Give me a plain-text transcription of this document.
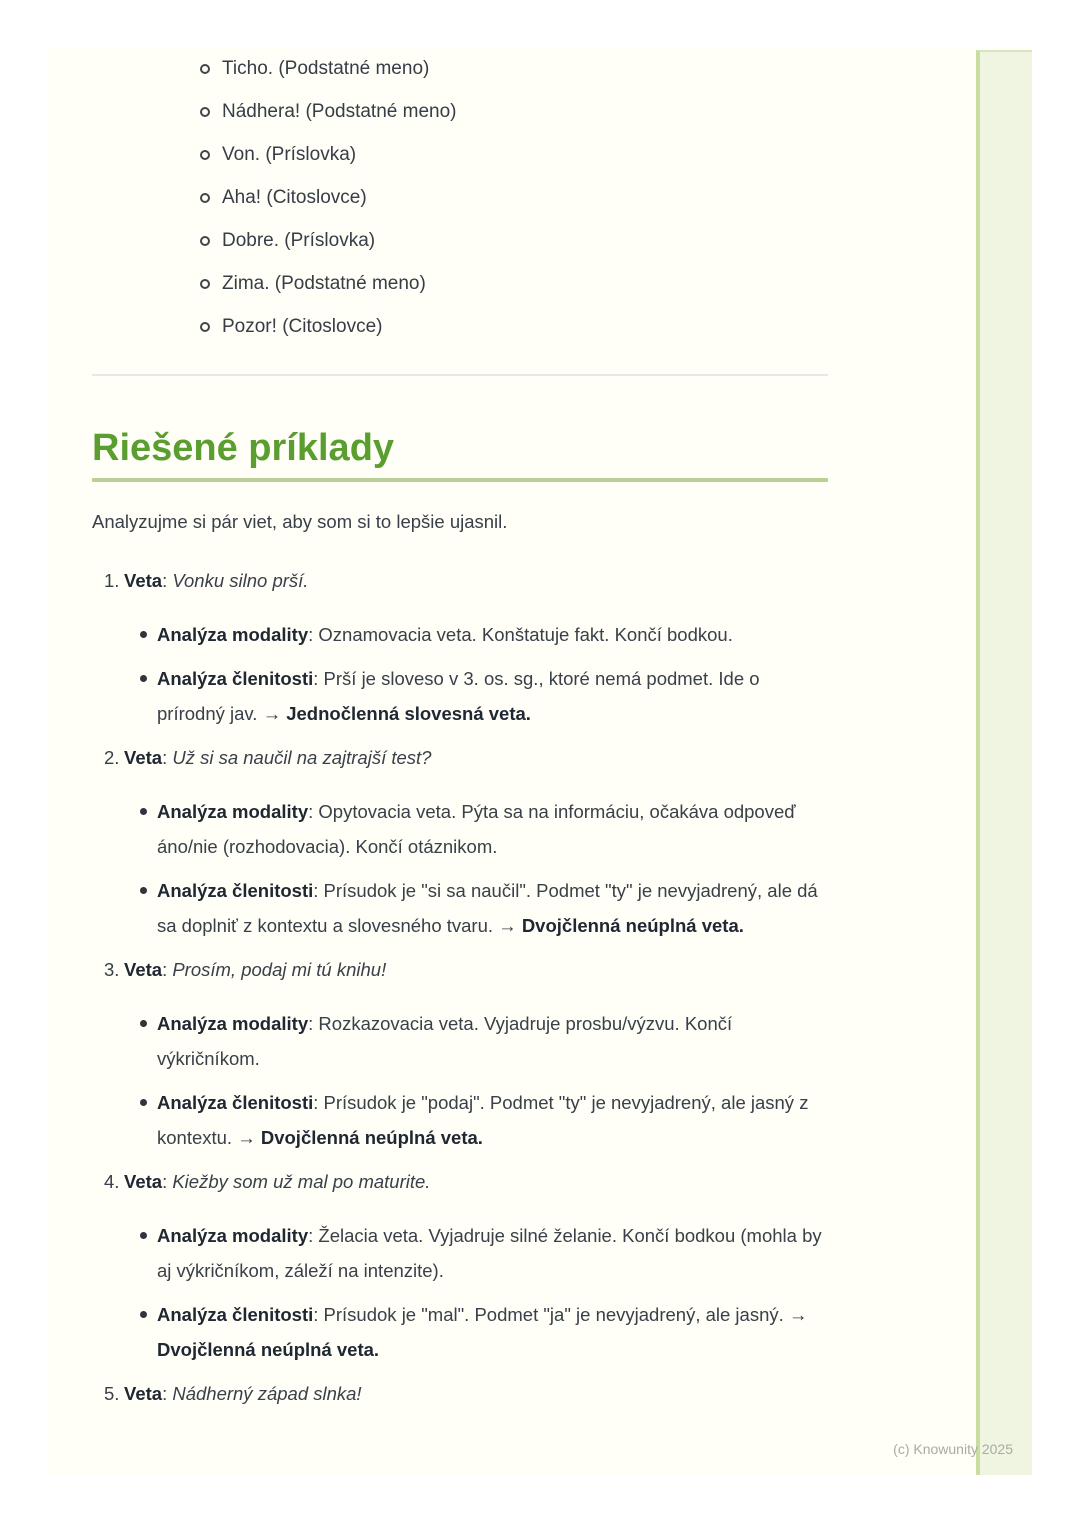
Ticho. (Podstatné meno)
Nádhera! (Podstatné meno)
Von. (Príslovka)
Aha! (Citoslovce)
Dobre. (Príslovka)
Zima. (Podstatné meno)
Pozor! (Citoslovce)
Riešené príklady

Analyzujme si pár viet, aby som si to lepšie ujasnil.

1. Veta: Vonku silno prší.
Analýza modality: Oznamovacia veta. Konštatuje fakt. Končí bodkou.
Analýza členitosti: Prší je sloveso v 3. os. sg., ktoré nemá podmet. Ide o prírodný jav. → Jednočlenná slovesná veta.
2. Veta: Už si sa naučil na zajtrajší test?
Analýza modality: Opytovacia veta. Pýta sa na informáciu, očakáva odpoveď áno/nie (rozhodovacia). Končí otáznikom.
Analýza členitosti: Prísudok je "si sa naučil". Podmet "ty" je nevyjadrený, ale dá sa doplniť z kontextu a slovesného tvaru. → Dvojčlenná neúplná veta.
3. Veta: Prosím, podaj mi tú knihu!
Analýza modality: Rozkazovacia veta. Vyjadruje prosbu/výzvu. Končí výkričníkom.
Analýza členitosti: Prísudok je "podaj". Podmet "ty" je nevyjadrený, ale jasný z kontextu. → Dvojčlenná neúplná veta.
4. Veta: Kiežby som už mal po maturite.
Analýza modality: Želacia veta. Vyjadruje silné želanie. Končí bodkou (mohla by aj výkričníkom, záleží na intenzite).
Analýza členitosti: Prísudok je "mal". Podmet "ja" je nevyjadrený, ale jasný. → Dvojčlenná neúplná veta.
5. Veta: Nádherný západ slnka!
(c) Knowunity 2025
